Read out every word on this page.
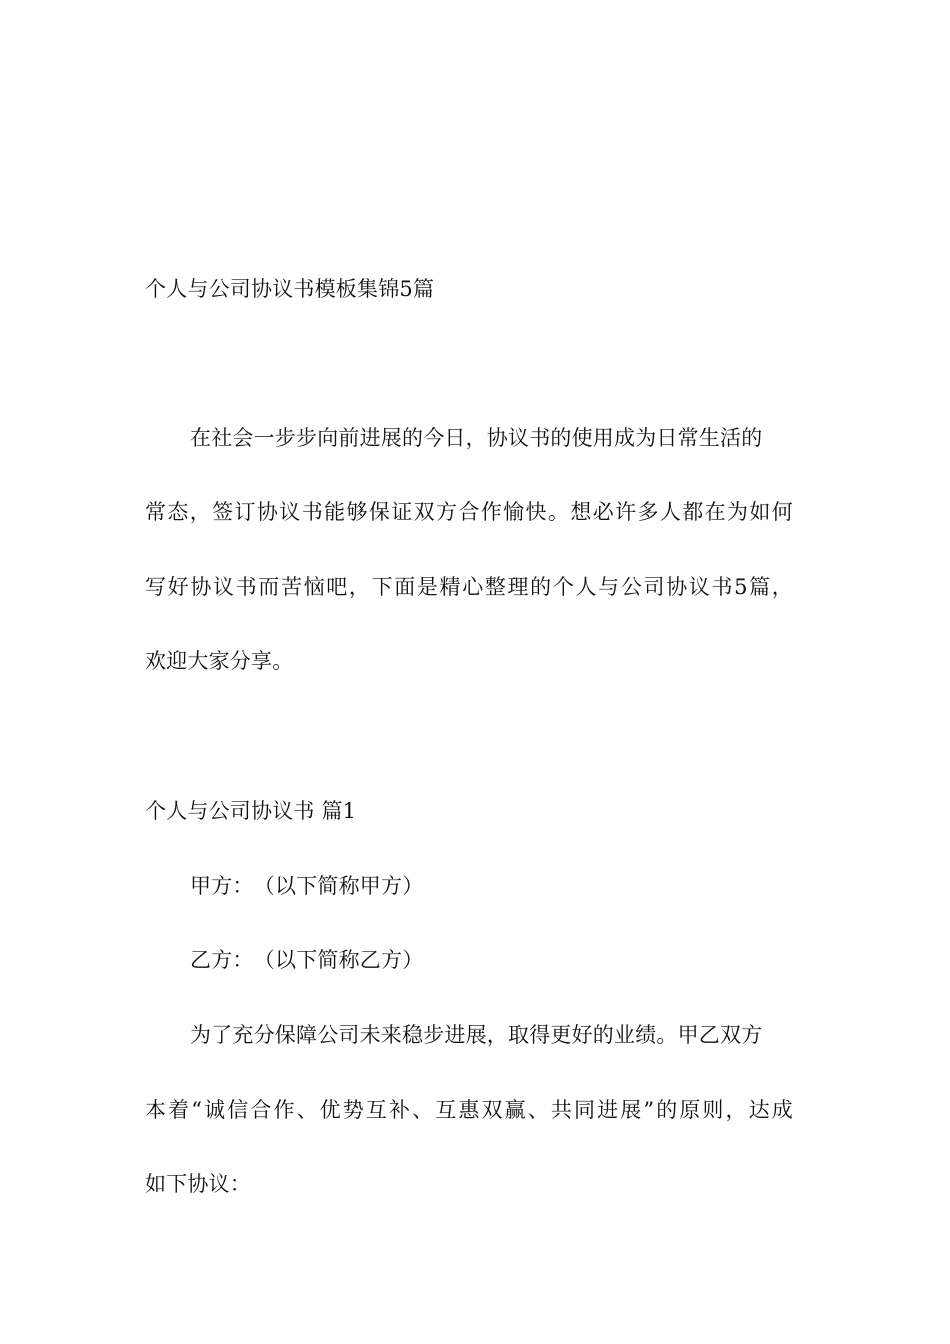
个人与公司协议书模板集锦5篇
在社会一步步向前进展的今日，协议书的使用成为日常生活的
常态，签订协议书能够保证双方合作愉快。想必许多人都在为如何
写好协议书而苦恼吧，下面是精心整理的个人与公司协议书5篇，
欢迎大家分享。
个人与公司协议书 篇1
甲方：　（以下简称甲方）
乙方：　（以下简称乙方）
为了充分保障公司未来稳步进展，取得更好的业绩。甲乙双方
本着“诚信合作、优势互补、互惠双赢、共同进展”的原则，达成
如下协议：
